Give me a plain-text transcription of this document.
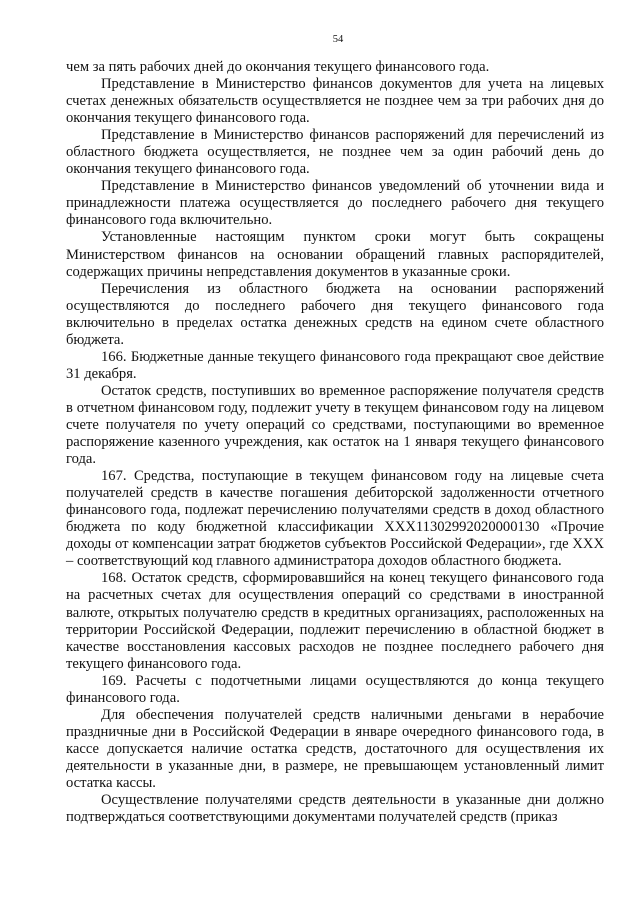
54

чем за пять рабочих дней до окончания текущего финансового года.

Представление в Министерство финансов документов для учета на лицевых счетах денежных обязательств осуществляется не позднее чем за три рабочих дня до окончания текущего финансового года.

Представление в Министерство финансов распоряжений для перечислений из областного бюджета осуществляется, не позднее чем за один рабочий день до окончания текущего финансового года.

Представление в Министерство финансов уведомлений об уточнении вида и принадлежности платежа осуществляется до последнего рабочего дня текущего финансового года включительно.

Установленные настоящим пунктом сроки могут быть сокращены Министерством финансов на основании обращений главных распорядителей, содержащих причины непредставления документов в указанные сроки.

Перечисления из областного бюджета на основании распоряжений осуществляются до последнего рабочего дня текущего финансового года включительно в пределах остатка денежных средств на едином счете областного бюджета.

166. Бюджетные данные текущего финансового года прекращают свое действие 31 декабря.

Остаток средств, поступивших во временное распоряжение получателя средств в отчетном финансовом году, подлежит учету в текущем финансовом году на лицевом счете получателя по учету операций со средствами, поступающими во временное распоряжение казенного учреждения, как остаток на 1 января текущего финансового года.

167. Средства, поступающие в текущем финансовом году на лицевые счета получателей средств в качестве погашения дебиторской задолженности отчетного финансового года, подлежат перечислению получателями средств в доход областного бюджета по коду бюджетной классификации ХХХ11302992020000130 «Прочие доходы от компенсации затрат бюджетов субъектов Российской Федерации», где ХХХ – соответствующий код главного администратора доходов областного бюджета.

168. Остаток средств, сформировавшийся на конец текущего финансового года на расчетных счетах для осуществления операций со средствами в иностранной валюте, открытых получателю средств в кредитных организациях, расположенных на территории Российской Федерации, подлежит перечислению в областной бюджет в качестве восстановления кассовых расходов не позднее последнего рабочего дня текущего финансового года.

169. Расчеты с подотчетными лицами осуществляются до конца текущего финансового года.

Для обеспечения получателей средств наличными деньгами в нерабочие праздничные дни в Российской Федерации в январе очередного финансового года, в кассе допускается наличие остатка средств, достаточного для осуществления их деятельности в указанные дни, в размере, не превышающем установленный лимит остатка кассы.

Осуществление получателями средств деятельности в указанные дни должно подтверждаться соответствующими документами получателей средств (приказ
